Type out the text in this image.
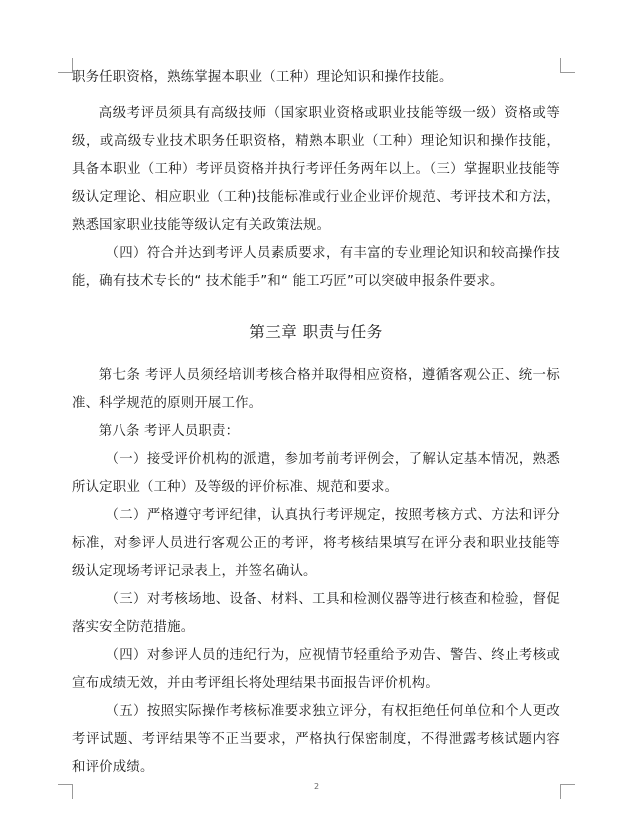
职务任职资格，熟练掌握本职业（工种）理论知识和操作技能。

高级考评员须具有高级技师（国家职业资格或职业技能等级一级）资格或等级，或高级专业技术职务任职资格，精熟本职业（工种）理论知识和操作技能，具备本职业（工种）考评员资格并执行考评任务两年以上。（三）掌握职业技能等级认定理论、相应职业（工种)技能标准或行业企业评价规范、考评技术和方法，熟悉国家职业技能等级认定有关政策法规。

（四）符合并达到考评人员素质要求，有丰富的专业理论知识和较高操作技能，确有技术专长的“ 技术能手”和“ 能工巧匠”可以突破申报条件要求。

第三章 职责与任务

第七条 考评人员须经培训考核合格并取得相应资格，遵循客观公正、统一标准、科学规范的原则开展工作。

第八条 考评人员职责：

（一）接受评价机构的派遣，参加考前考评例会，了解认定基本情况，熟悉所认定职业（工种）及等级的评价标准、规范和要求。

（二）严格遵守考评纪律，认真执行考评规定，按照考核方式、方法和评分标准，对参评人员进行客观公正的考评，将考核结果填写在评分表和职业技能等级认定现场考评记录表上，并签名确认。

（三）对考核场地、设备、材料、工具和检测仪器等进行核查和检验，督促落实安全防范措施。

（四）对参评人员的违纪行为，应视情节轻重给予劝告、警告、终止考核或宣布成绩无效，并由考评组长将处理结果书面报告评价机构。

（五）按照实际操作考核标准要求独立评分，有权拒绝任何单位和个人更改考评试题、考评结果等不正当要求，严格执行保密制度，不得泄露考核试题内容和评价成绩。

2
